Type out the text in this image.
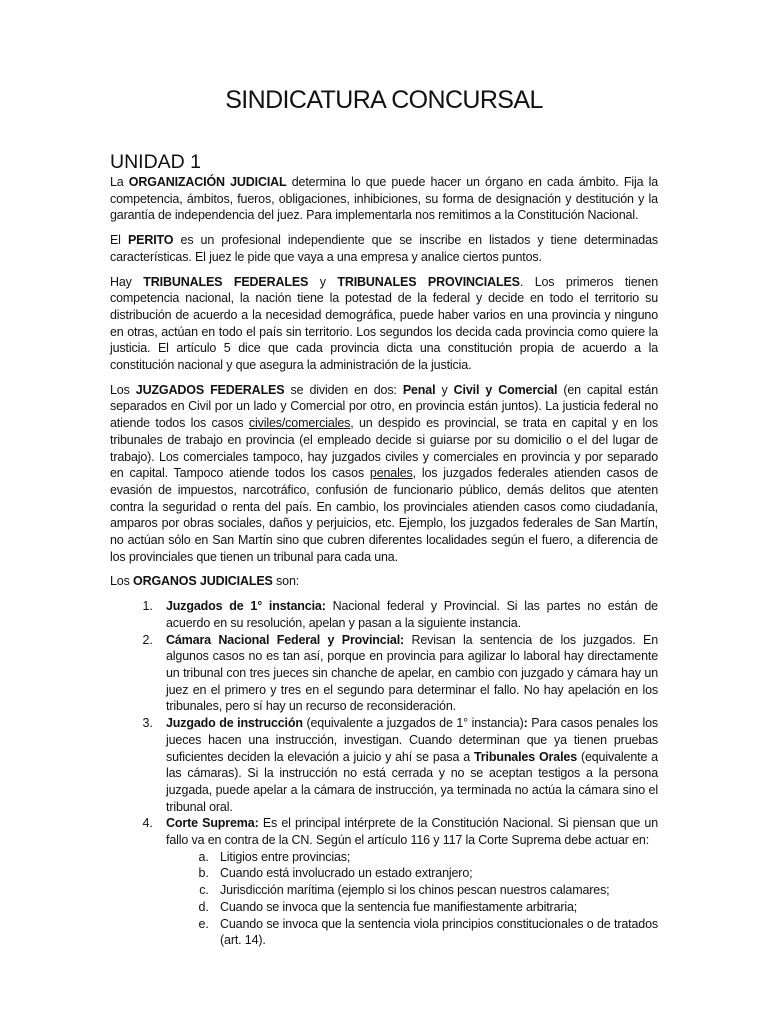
SINDICATURA CONCURSAL
UNIDAD 1

La ORGANIZACIÓN JUDICIAL determina lo que puede hacer un órgano en cada ámbito. Fija la competencia, ámbitos, fueros, obligaciones, inhibiciones, su forma de designación y destitución y la garantía de independencia del juez. Para implementarla nos remitimos a la Constitución Nacional.

El PERITO es un profesional independiente que se inscribe en listados y tiene determinadas características. El juez le pide que vaya a una empresa y analice ciertos puntos.

Hay TRIBUNALES FEDERALES y TRIBUNALES PROVINCIALES. Los primeros tienen competencia nacional, la nación tiene la potestad de la federal y decide en todo el territorio su distribución de acuerdo a la necesidad demográfica, puede haber varios en una provincia y ninguno en otras, actúan en todo el país sin territorio. Los segundos los decida cada provincia como quiere la justicia. El artículo 5 dice que cada provincia dicta una constitución propia de acuerdo a la constitución nacional y que asegura la administración de la justicia.

Los JUZGADOS FEDERALES se dividen en dos: Penal y Civil y Comercial (en capital están separados en Civil por un lado y Comercial por otro, en provincia están juntos). La justicia federal no atiende todos los casos civiles/comerciales, un despido es provincial, se trata en capital y en los tribunales de trabajo en provincia (el empleado decide si guiarse por su domicilio o el del lugar de trabajo). Los comerciales tampoco, hay juzgados civiles y comerciales en provincia y por separado en capital. Tampoco atiende todos los casos penales, los juzgados federales atienden casos de evasión de impuestos, narcotráfico, confusión de funcionario público, demás delitos que atenten contra la seguridad o renta del país. En cambio, los provinciales atienden casos como ciudadanía, amparos por obras sociales, daños y perjuicios, etc. Ejemplo, los juzgados federales de San Martín, no actúan sólo en San Martín sino que cubren diferentes localidades según el fuero, a diferencia de los provinciales que tienen un tribunal para cada una.

Los ORGANOS JUDICIALES son:

1. Juzgados de 1° instancia: Nacional federal y Provincial. Si las partes no están de acuerdo en su resolución, apelan y pasan a la siguiente instancia.
2. Cámara Nacional Federal y Provincial: Revisan la sentencia de los juzgados. En algunos casos no es tan así, porque en provincia para agilizar lo laboral hay directamente un tribunal con tres jueces sin chanche de apelar, en cambio con juzgado y cámara hay un juez en el primero y tres en el segundo para determinar el fallo. No hay apelación en los tribunales, pero sí hay un recurso de reconsideración.
3. Juzgado de instrucción (equivalente a juzgados de 1° instancia): Para casos penales los jueces hacen una instrucción, investigan. Cuando determinan que ya tienen pruebas suficientes deciden la elevación a juicio y ahí se pasa a Tribunales Orales (equivalente a las cámaras). Si la instrucción no está cerrada y no se aceptan testigos a la persona juzgada, puede apelar a la cámara de instrucción, ya terminada no actúa la cámara sino el tribunal oral.
4. Corte Suprema: Es el principal intérprete de la Constitución Nacional. Si piensan que un fallo va en contra de la CN. Según el artículo 116 y 117 la Corte Suprema debe actuar en:
a. Litigios entre provincias;
b. Cuando está involucrado un estado extranjero;
c. Jurisdicción marítima (ejemplo si los chinos pescan nuestros calamares;
d. Cuando se invoca que la sentencia fue manifiestamente arbitraria;
e. Cuando se invoca que la sentencia viola principios constitucionales o de tratados (art. 14).
